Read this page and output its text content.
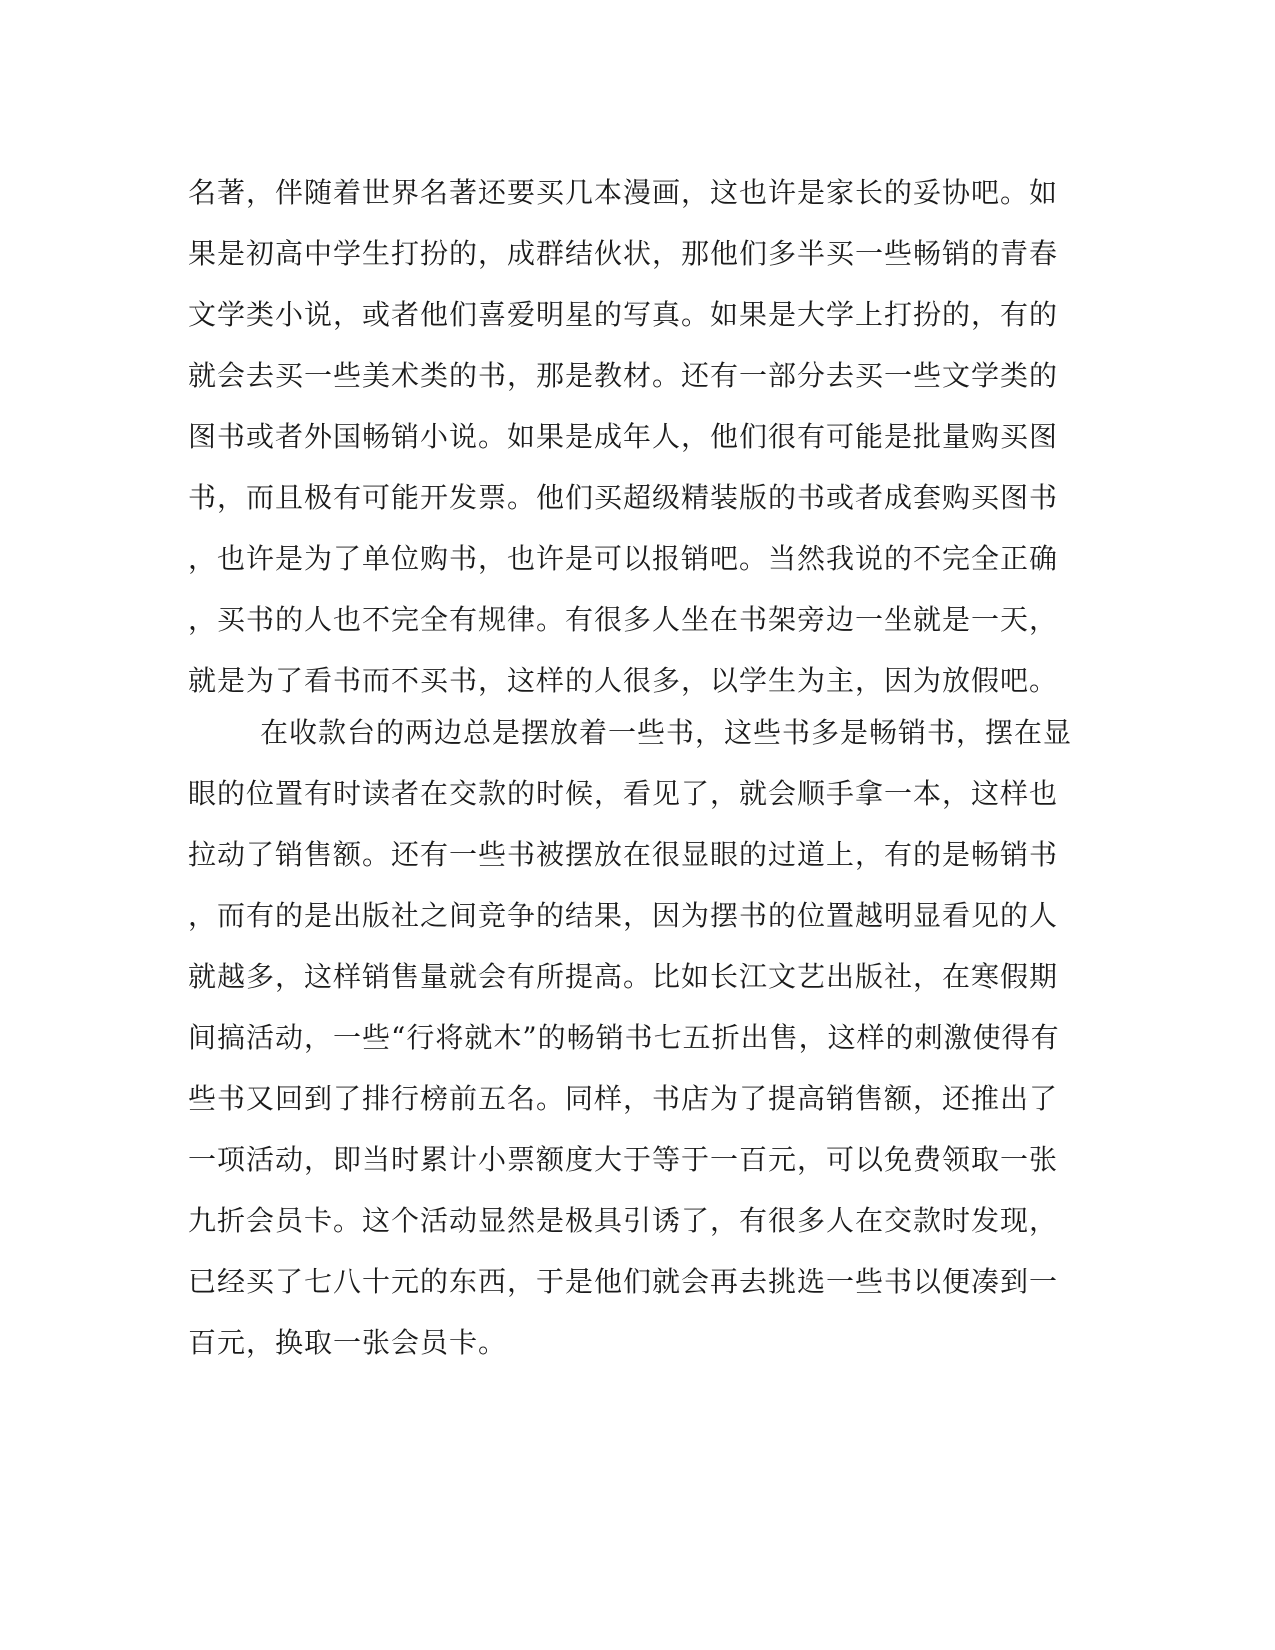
名著，伴随着世界名著还要买几本漫画，这也许是家长的妥协吧。如
果是初高中学生打扮的，成群结伙状，那他们多半买一些畅销的青春
文学类小说，或者他们喜爱明星的写真。如果是大学上打扮的，有的
就会去买一些美术类的书，那是教材。还有一部分去买一些文学类的
图书或者外国畅销小说。如果是成年人，他们很有可能是批量购买图
书，而且极有可能开发票。他们买超级精装版的书或者成套购买图书
，也许是为了单位购书，也许是可以报销吧。当然我说的不完全正确
，买书的人也不完全有规律。有很多人坐在书架旁边一坐就是一天，
就是为了看书而不买书，这样的人很多，以学生为主，因为放假吧。
在收款台的两边总是摆放着一些书，这些书多是畅销书，摆在显
眼的位置有时读者在交款的时候，看见了，就会顺手拿一本，这样也
拉动了销售额。还有一些书被摆放在很显眼的过道上，有的是畅销书
，而有的是出版社之间竞争的结果，因为摆书的位置越明显看见的人
就越多，这样销售量就会有所提高。比如长江文艺出版社，在寒假期
间搞活动，一些“行将就木”的畅销书七五折出售，这样的刺激使得有
些书又回到了排行榜前五名。同样，书店为了提高销售额，还推出了
一项活动，即当时累计小票额度大于等于一百元，可以免费领取一张
九折会员卡。这个活动显然是极具引诱了，有很多人在交款时发现，
已经买了七八十元的东西，于是他们就会再去挑选一些书以便凑到一
百元，换取一张会员卡。
